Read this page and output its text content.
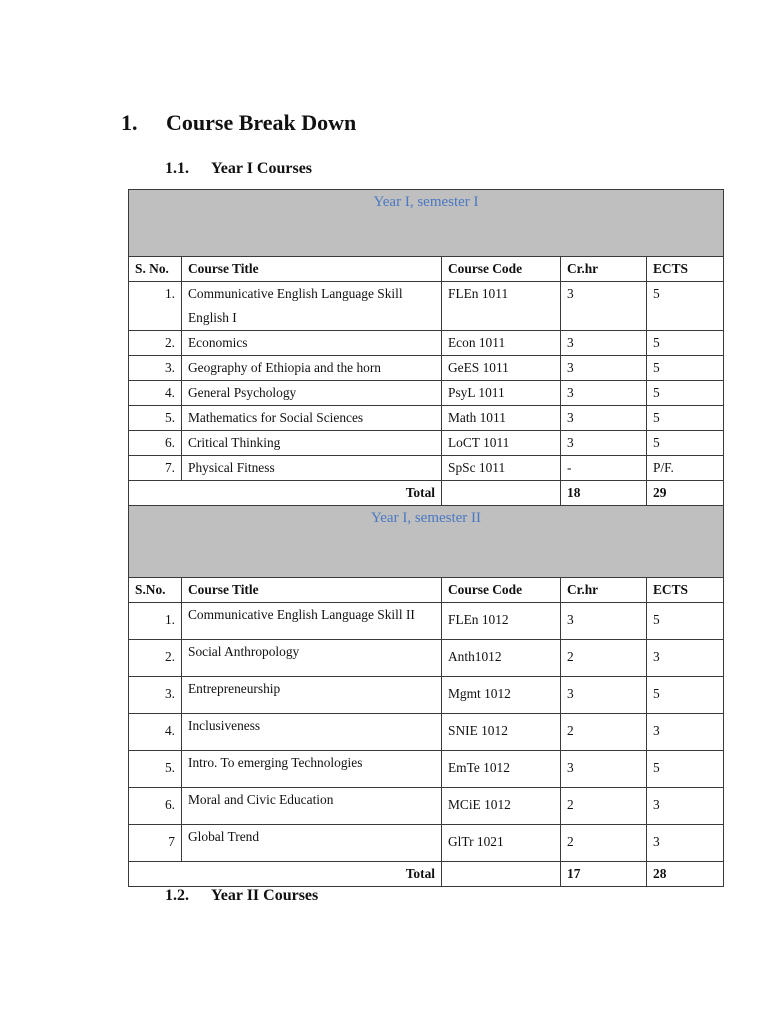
1. Course Break Down
1.1. Year I Courses
Year I, semester I				
S. No.	Course Title	Course Code	Cr.hr	ECTS
1.	Communicative English Language Skill English I	FLEn 1011	3	5
2.	Economics	Econ 1011	3	5
3.	Geography of Ethiopia and the horn	GeES 1011	3	5
4.	General Psychology	PsyL 1011	3	5
5.	Mathematics for Social Sciences	Math 1011	3	5
6.	Critical Thinking	LoCT 1011	3	5
7.	Physical Fitness	SpSc 1011	-	P/F.
Total			18	29
Year I, semester II				
S.No.	Course Title	Course Code	Cr.hr	ECTS
1.	Communicative English Language Skill II	FLEn 1012	3	5
2.	Social Anthropology	Anth1012	2	3
3.	Entrepreneurship	Mgmt 1012	3	5
4.	Inclusiveness	SNIE 1012	2	3
5.	Intro. To emerging Technologies	EmTe 1012	3	5
6.	Moral and Civic Education	MCiE 1012	2	3
7	Global Trend	GlTr 1021	2	3
Total			17	28
1.2. Year II Courses
